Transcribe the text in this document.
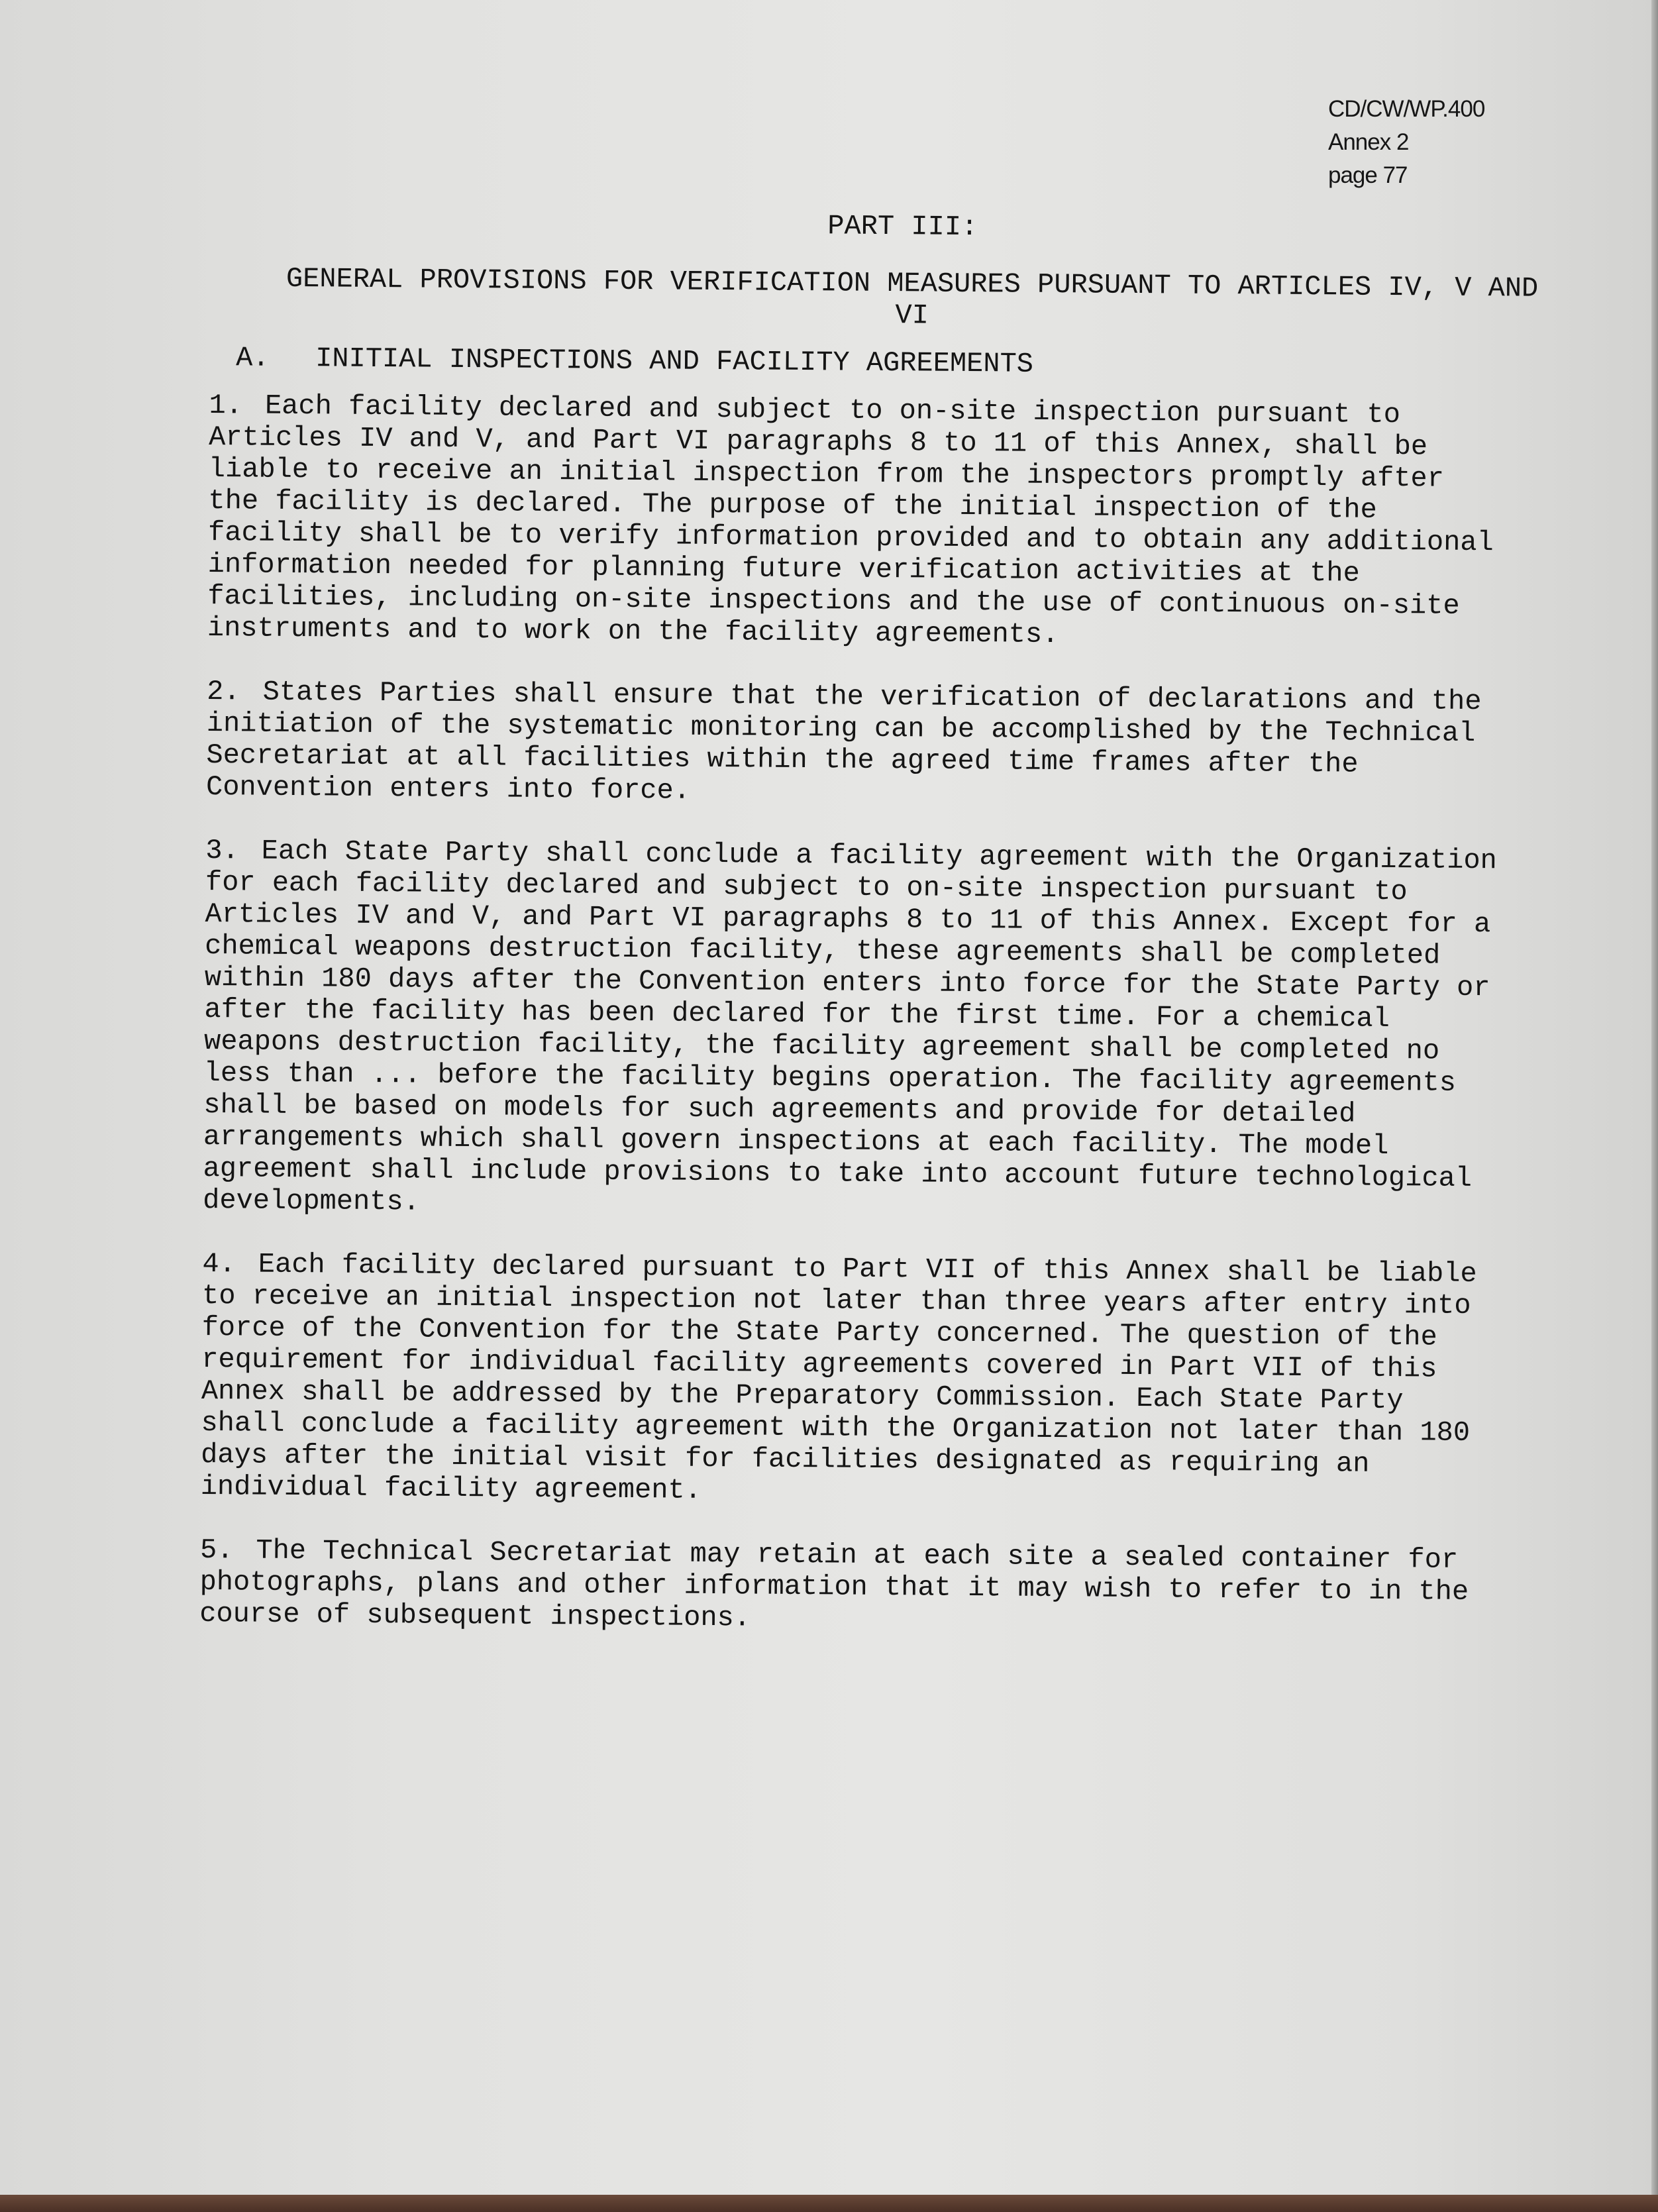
CD/CW/WP.400
Annex 2
page 77
PART III:
GENERAL PROVISIONS FOR VERIFICATION MEASURES PURSUANT TO ARTICLES IV, V AND VI
A.	INITIAL INSPECTIONS AND FACILITY AGREEMENTS

1. Each facility declared and subject to on-site inspection pursuant to Articles IV and V, and Part VI paragraphs 8 to 11 of this Annex, shall be liable to receive an initial inspection from the inspectors promptly after the facility is declared. The purpose of the initial inspection of the facility shall be to verify information provided and to obtain any additional information needed for planning future verification activities at the facilities, including on-site inspections and the use of continuous on-site instruments and to work on the facility agreements.

2. States Parties shall ensure that the verification of declarations and the initiation of the systematic monitoring can be accomplished by the Technical Secretariat at all facilities within the agreed time frames after the Convention enters into force.

3. Each State Party shall conclude a facility agreement with the Organization for each facility declared and subject to on-site inspection pursuant to Articles IV and V, and Part VI paragraphs 8 to 11 of this Annex. Except for a chemical weapons destruction facility, these agreements shall be completed within 180 days after the Convention enters into force for the State Party or after the facility has been declared for the first time. For a chemical weapons destruction facility, the facility agreement shall be completed no less than ... before the facility begins operation. The facility agreements shall be based on models for such agreements and provide for detailed arrangements which shall govern inspections at each facility. The model agreement shall include provisions to take into account future technological developments.

4. Each facility declared pursuant to Part VII of this Annex shall be liable to receive an initial inspection not later than three years after entry into force of the Convention for the State Party concerned. The question of the requirement for individual facility agreements covered in Part VII of this Annex shall be addressed by the Preparatory Commission. Each State Party shall conclude a facility agreement with the Organization not later than 180 days after the initial visit for facilities designated as requiring an individual facility agreement.

5. The Technical Secretariat may retain at each site a sealed container for photographs, plans and other information that it may wish to refer to in the course of subsequent inspections.
